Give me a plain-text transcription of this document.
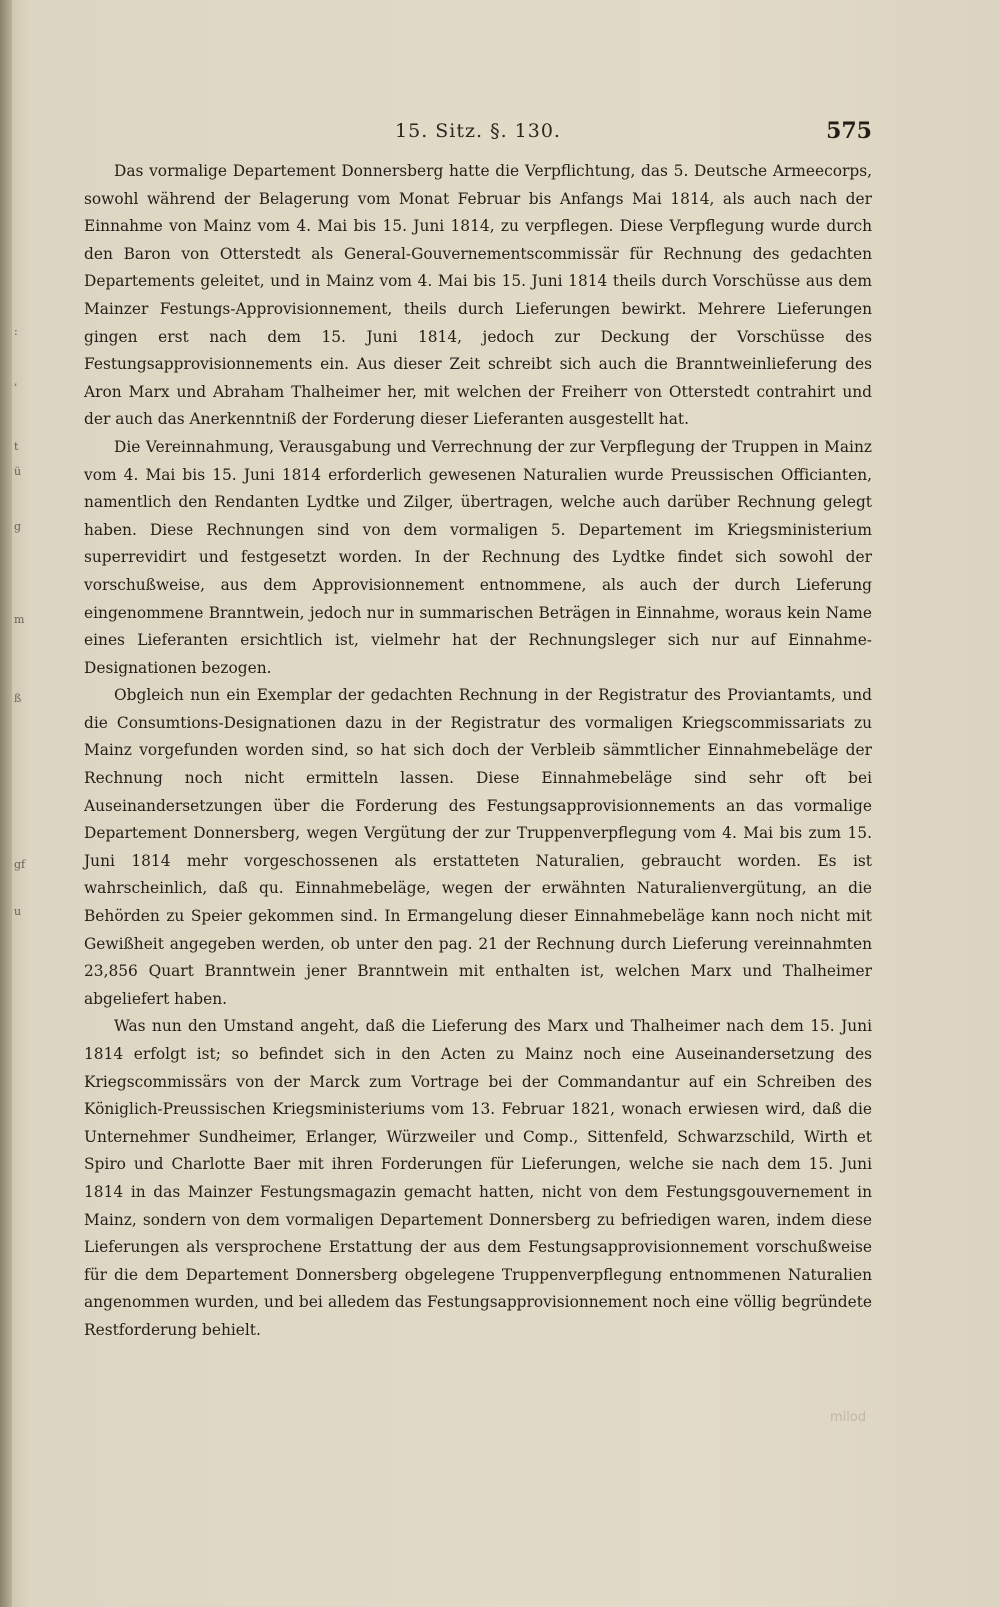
:
,
t
ü
g
m
ß
gf
u
15. Sitz. §. 130.	575

Das vormalige Departement Donnersberg hatte die Verpflichtung, das 5. Deutsche Armeecorps, sowohl während der Belagerung vom Monat Februar bis Anfangs Mai 1814, als auch nach der Einnahme von Mainz vom 4. Mai bis 15. Juni 1814, zu verpflegen. Diese Verpflegung wurde durch den Baron von Otterstedt als General-Gouvernementscommissär für Rechnung des gedachten Departements geleitet, und in Mainz vom 4. Mai bis 15. Juni 1814 theils durch Vorschüsse aus dem Mainzer Festungs-Approvisionnement, theils durch Lieferungen bewirkt. Mehrere Lieferungen gingen erst nach dem 15. Juni 1814, jedoch zur Deckung der Vorschüsse des Festungsapprovisionnements ein. Aus dieser Zeit schreibt sich auch die Branntweinlieferung des Aron Marx und Abraham Thalheimer her, mit welchen der Freiherr von Otterstedt contrahirt und der auch das Anerkenntniß der Forderung dieser Lieferanten ausgestellt hat.

Die Vereinnahmung, Verausgabung und Verrechnung der zur Verpflegung der Truppen in Mainz vom 4. Mai bis 15. Juni 1814 erforderlich gewesenen Naturalien wurde Preussischen Officianten, namentlich den Rendanten Lydtke und Zilger, übertragen, welche auch darüber Rechnung gelegt haben. Diese Rechnungen sind von dem vormaligen 5. Departement im Kriegsministerium superrevidirt und festgesetzt worden. In der Rechnung des Lydtke findet sich sowohl der vorschußweise, aus dem Approvisionnement entnommene, als auch der durch Lieferung eingenommene Branntwein, jedoch nur in summarischen Beträgen in Einnahme, woraus kein Name eines Lieferanten ersichtlich ist, vielmehr hat der Rechnungsleger sich nur auf Einnahme-Designationen bezogen.

Obgleich nun ein Exemplar der gedachten Rechnung in der Registratur des Proviantamts, und die Consumtions-Designationen dazu in der Registratur des vormaligen Kriegscommissariats zu Mainz vorgefunden worden sind, so hat sich doch der Verbleib sämmtlicher Einnahmebeläge der Rechnung noch nicht ermitteln lassen. Diese Einnahmebeläge sind sehr oft bei Auseinandersetzungen über die Forderung des Festungsapprovisionnements an das vormalige Departement Donnersberg, wegen Vergütung der zur Truppenverpflegung vom 4. Mai bis zum 15. Juni 1814 mehr vorgeschossenen als erstatteten Naturalien, gebraucht worden. Es ist wahrscheinlich, daß qu. Einnahmebeläge, wegen der erwähnten Naturalienvergütung, an die Behörden zu Speier gekommen sind. In Ermangelung dieser Einnahmebeläge kann noch nicht mit Gewißheit angegeben werden, ob unter den pag. 21 der Rechnung durch Lieferung vereinnahmten 23,856 Quart Branntwein jener Branntwein mit enthalten ist, welchen Marx und Thalheimer abgeliefert haben.

Was nun den Umstand angeht, daß die Lieferung des Marx und Thalheimer nach dem 15. Juni 1814 erfolgt ist; so befindet sich in den Acten zu Mainz noch eine Auseinandersetzung des Kriegscommissärs von der Marck zum Vortrage bei der Commandantur auf ein Schreiben des Königlich-Preussischen Kriegsministeriums vom 13. Februar 1821, wonach erwiesen wird, daß die Unternehmer Sundheimer, Erlanger, Würzweiler und Comp., Sittenfeld, Schwarzschild, Wirth et Spiro und Charlotte Baer mit ihren Forderungen für Lieferungen, welche sie nach dem 15. Juni 1814 in das Mainzer Festungsmagazin gemacht hatten, nicht von dem Festungsgouvernement in Mainz, sondern von dem vormaligen Departement Donnersberg zu befriedigen waren, indem diese Lieferungen als versprochene Erstattung der aus dem Festungsapprovisionnement vorschußweise für die dem Departement Donnersberg obgelegene Truppenverpflegung entnommenen Naturalien angenommen wurden, und bei alledem das Festungsapprovisionnement noch eine völlig begründete Restforderung behielt.

milod
